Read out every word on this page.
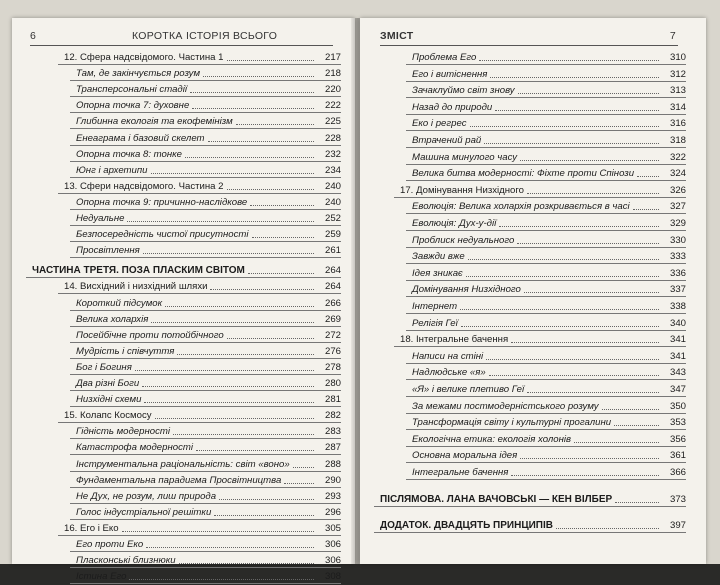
6	КОРОТКА ІСТОРІЯ ВСЬОГО
12. Сфера надсвідомого. Частина 1	217
Там, де закінчується розум	218
Трансперсональні стадії	220
Опорна точка 7: духовне	222
Глибинна екологія та екофемінізм	225
Енеаграма і базовий скелет	228
Опорна точка 8: тонке	232
Юнг і архетипи	234
13. Сфери надсвідомого. Частина 2	240
Опорна точка 9: причинно-наслідкове	240
Недуальне	252
Безпосередність чистої присутності	259
Просвітлення	261
ЧАСТИНА ТРЕТЯ. ПОЗА ПЛАСКИМ СВІТОМ	264
14. Висхідний і низхідний шляхи	264
Короткий підсумок	266
Велика холархія	269
Посейбічне проти потойбічного	272
Мудрість і співчуття	276
Бог і Богиня	278
Два різні Боги	280
Низхідні схеми	281
15. Колапс Космосу	282
Гідність модерності	283
Катастрофа модерності	287
Інструментальна раціональність: світ «воно»	288
Фундаментальна парадигма Просвітництва	290
Не Дух, не розум, лиш природа	293
Голос індустріальної решітки	296
16. Его і Еко	305
Его проти Еко	306
Пласконські близнюки	306
Істина Его	308
ЗМІСТ	7
Проблема Его	310
Его і витіснення	312
Зачаклуймо світ знову	313
Назад до природи	314
Еко і регрес	316
Втрачений рай	318
Машина минулого часу	322
Велика битва модерності: Фіхте проти Спінози	324
17. Домінування Низхідного	326
Еволюція: Велика холархія розкривається в часі	327
Еволюція: Дух-у-дії	329
Проблиск недуального	330
Завжди вже	333
Ідея зникає	336
Домінування Низхідного	337
Інтернет	338
Релігія Геї	340
18. Інтегральне бачення	341
Написи на стіні	341
Надлюдське «я»	343
«Я» і велике плетиво Геї	347
За межами постмодерністського розуму	350
Трансформація світу і культурні прогалини	353
Екологічна етика: екологія холонів	356
Основна моральна ідея	361
Інтегральне бачення	366
ПІСЛЯМОВА. ЛАНА ВАЧОВСЬКІ — КЕН ВІЛБЕР	373
ДОДАТОК. ДВАДЦЯТЬ ПРИНЦИПІВ	397
